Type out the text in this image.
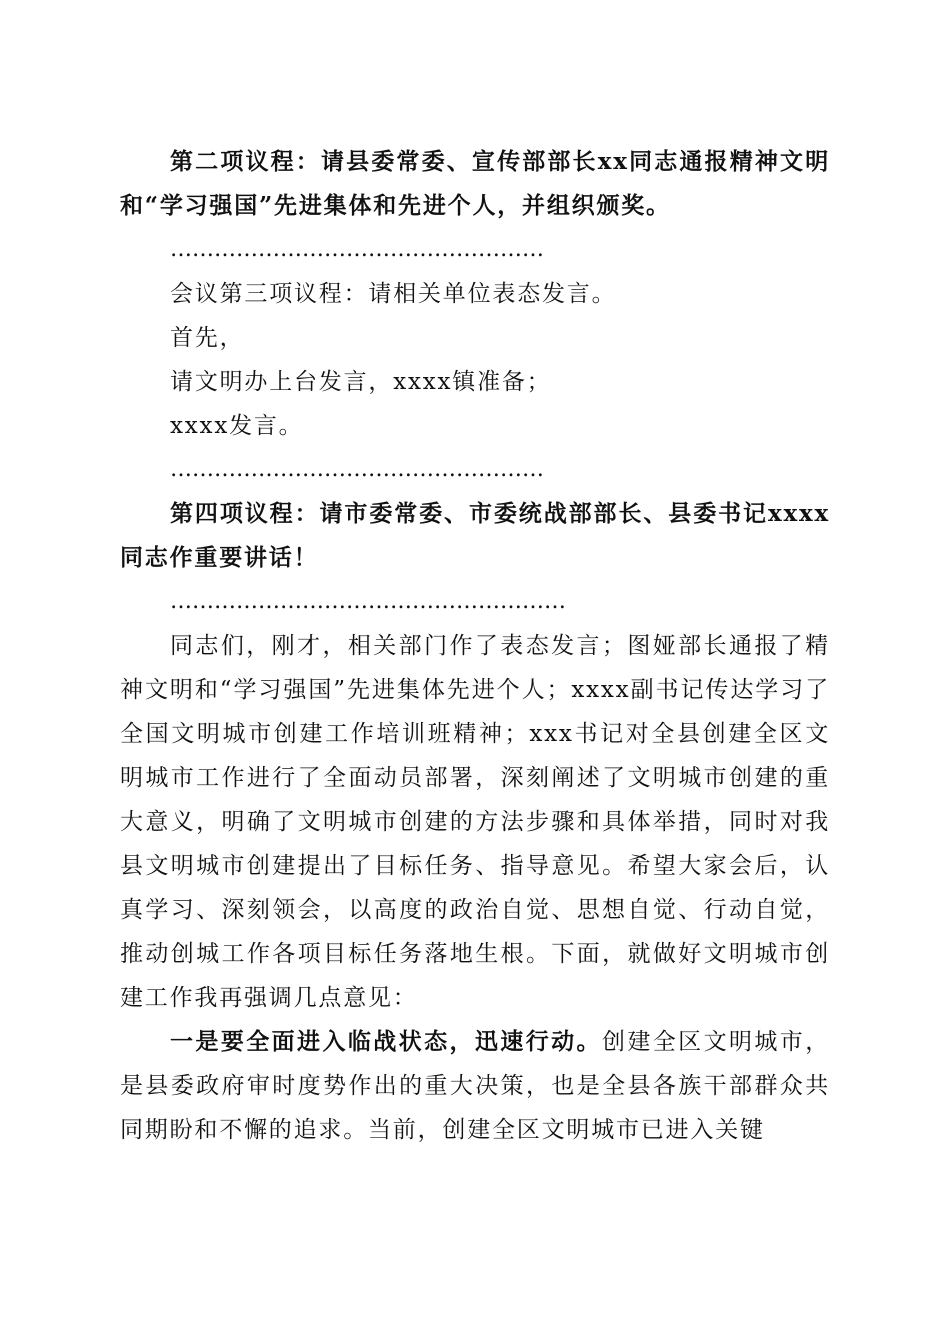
第二项议程：请县委常委、宣传部部长xx同志通报精神文明和“学习强国”先进集体和先进个人，并组织颁奖。

……………………………………………

会议第三项议程：请相关单位表态发言。

首先，

请文明办上台发言，xxxx镇准备；

xxxx发言。

……………………………………………

第四项议程：请市委常委、市委统战部部长、县委书记xxxx同志作重要讲话！

………………………………………………

同志们，刚才，相关部门作了表态发言；图娅部长通报了精神文明和“学习强国”先进集体先进个人；xxxx副书记传达学习了全国文明城市创建工作培训班精神；xxx书记对全县创建全区文明城市工作进行了全面动员部署，深刻阐述了文明城市创建的重大意义，明确了文明城市创建的方法步骤和具体举措，同时对我县文明城市创建提出了目标任务、指导意见。希望大家会后，认真学习、深刻领会，以高度的政治自觉、思想自觉、行动自觉，推动创城工作各项目标任务落地生根。下面，就做好文明城市创建工作我再强调几点意见：

一是要全面进入临战状态，迅速行动。创建全区文明城市，是县委政府审时度势作出的重大决策，也是全县各族干部群众共同期盼和不懈的追求。当前，创建全区文明城市已进入关键
